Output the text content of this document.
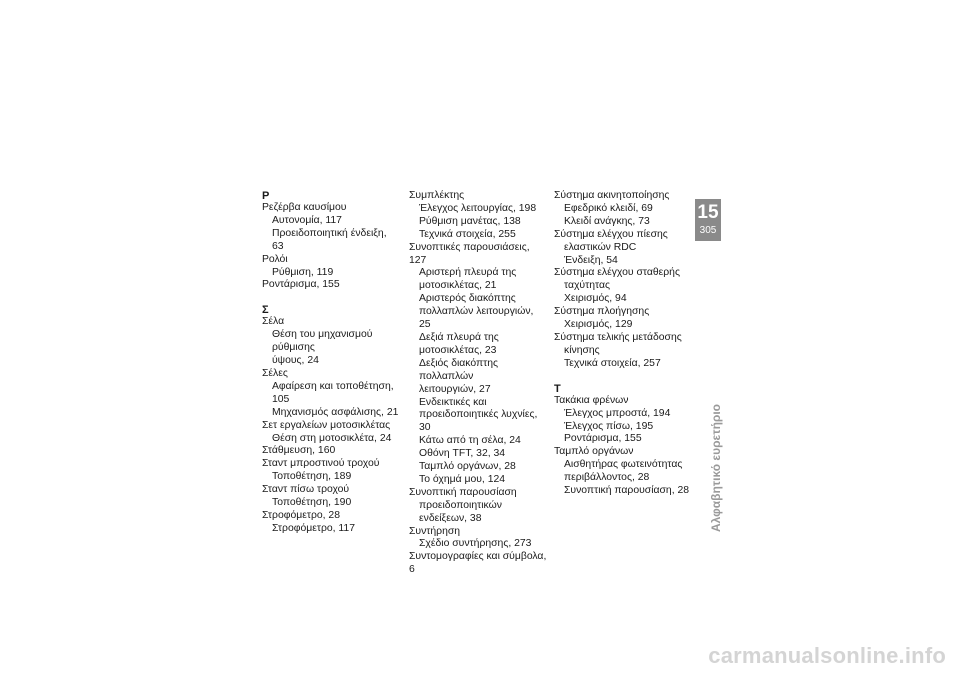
Ρ
Ρεζέρβα καυσίμου
Αυτονομία, 117
Προειδοποιητική ένδειξη, 63
Ρολόι
Ρύθμιση, 119
Ροντάρισμα, 155
Σ
Σέλα
Θέση του μηχανισμού ρύθμισης
ύψους, 24
Σέλες
Αφαίρεση και τοποθέτηση, 105
Μηχανισμός ασφάλισης, 21
Σετ εργαλείων μοτοσικλέτας
Θέση στη μοτοσικλέτα, 24
Στάθμευση, 160
Σταντ μπροστινού τροχού
Τοποθέτηση, 189
Σταντ πίσω τροχού
Τοποθέτηση, 190
Στροφόμετρο, 28
Στροφόμετρο, 117
Συμπλέκτης
Έλεγχος λειτουργίας, 198
Ρύθμιση μανέτας, 138
Τεχνικά στοιχεία, 255
Συνοπτικές παρουσιάσεις, 127
Αριστερή πλευρά της
μοτοσικλέτας, 21
Αριστερός διακόπτης
πολλαπλών λειτουργιών, 25
Δεξιά πλευρά της
μοτοσικλέτας, 23
Δεξιός διακόπτης πολλαπλών
λειτουργιών, 27
Ενδεικτικές και
προειδοποιητικές λυχνίες, 30
Κάτω από τη σέλα, 24
Οθόνη TFT, 32, 34
Ταμπλό οργάνων, 28
Το όχημά μου, 124
Συνοπτική παρουσίαση
προειδοποιητικών ενδείξεων, 38
Συντήρηση
Σχέδιο συντήρησης, 273
Συντομογραφίες και σύμβολα, 6
Σύστημα ακινητοποίησης
Εφεδρικό κλειδί, 69
Κλειδί ανάγκης, 73
Σύστημα ελέγχου πίεσης
ελαστικών RDC
Ένδειξη, 54
Σύστημα ελέγχου σταθερής
ταχύτητας
Χειρισμός, 94
Σύστημα πλοήγησης
Χειρισμός, 129
Σύστημα τελικής μετάδοσης
κίνησης
Τεχνικά στοιχεία, 257
Τ
Τακάκια φρένων
Έλεγχος μπροστά, 194
Έλεγχος πίσω, 195
Ροντάρισμα, 155
Ταμπλό οργάνων
Αισθητήρας φωτεινότητας
περιβάλλοντος, 28
Συνοπτική παρουσίαση, 28
15
305
Αλφαβητικό ευρετήριο
carmanualsonline.info
